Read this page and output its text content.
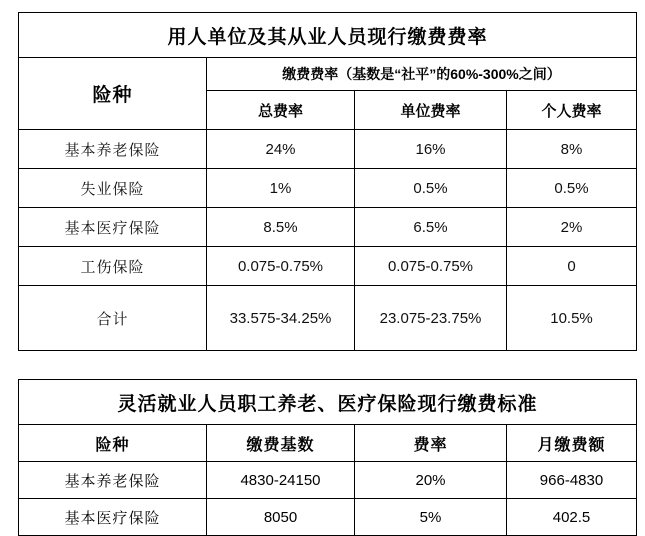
用人单位及其从业人员现行缴费费率			
险种	缴费费率（基数是“社平”的60%-300%之间）		
	总费率	单位费率	个人费率
基本养老保险	24%	16%	8%
失业保险	1%	0.5%	0.5%
基本医疗保险	8.5%	6.5%	2%
工伤保险	0.075-0.75%	0.075-0.75%	0
合计	33.575-34.25%	23.075-23.75%	10.5%
灵活就业人员职工养老、医疗保险现行缴费标准			
险种	缴费基数	费率	月缴费额
基本养老保险	4830-24150	20%	966-4830
基本医疗保险	8050	5%	402.5
